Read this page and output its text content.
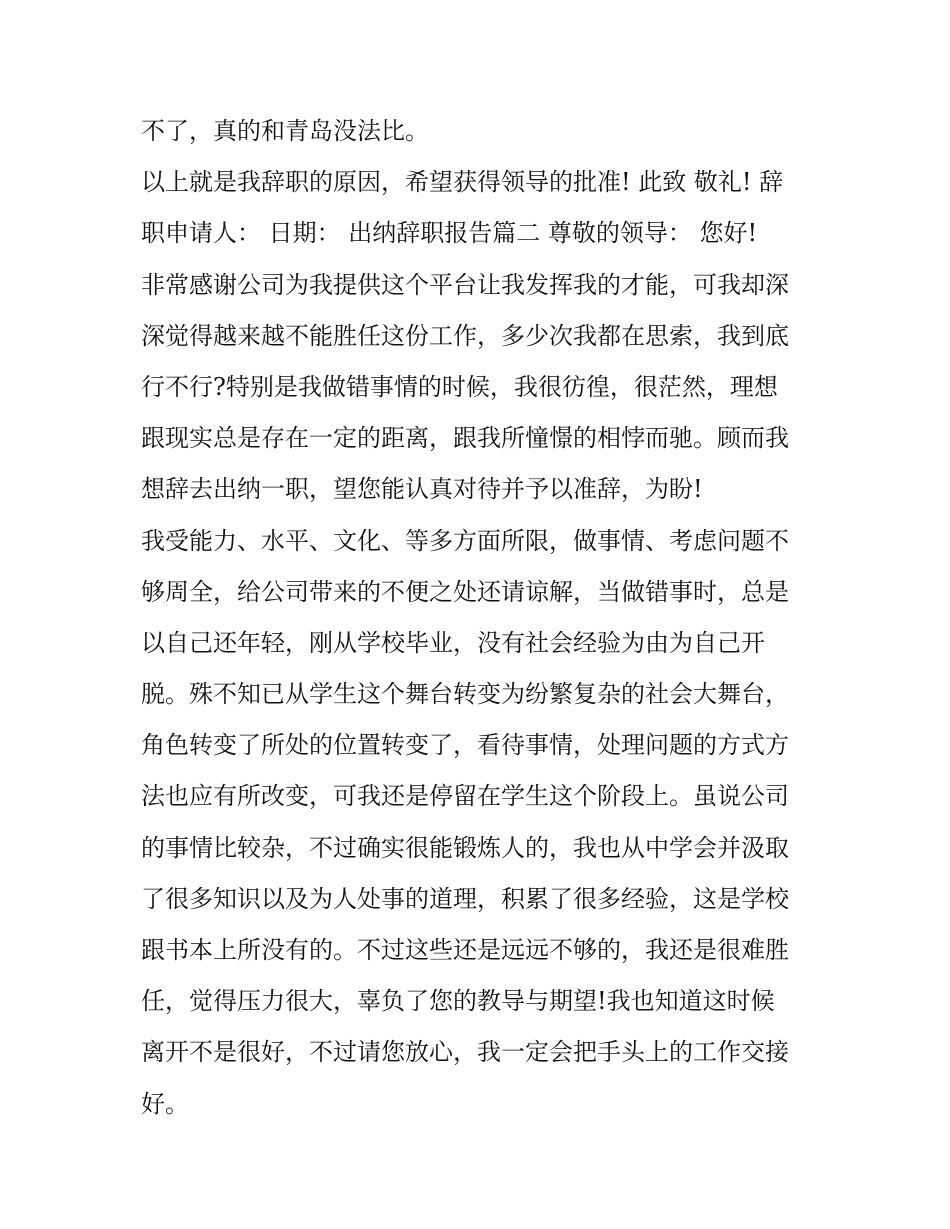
不了，真的和青岛没法比。
以上就是我辞职的原因，希望获得领导的批准! 此致 敬礼! 辞
职申请人： 日期： 出纳辞职报告篇二 尊敬的领导： 您好!
非常感谢公司为我提供这个平台让我发挥我的才能，可我却深
深觉得越来越不能胜任这份工作，多少次我都在思索，我到底
行不行?特别是我做错事情的时候，我很彷徨，很茫然，理想
跟现实总是存在一定的距离，跟我所憧憬的相悖而驰。顾而我
想辞去出纳一职，望您能认真对待并予以准辞，为盼!
我受能力、水平、文化、等多方面所限，做事情、考虑问题不
够周全，给公司带来的不便之处还请谅解，当做错事时，总是
以自己还年轻，刚从学校毕业，没有社会经验为由为自己开
脱。殊不知已从学生这个舞台转变为纷繁复杂的社会大舞台，
角色转变了所处的位置转变了，看待事情，处理问题的方式方
法也应有所改变，可我还是停留在学生这个阶段上。虽说公司
的事情比较杂，不过确实很能锻炼人的，我也从中学会并汲取
了很多知识以及为人处事的道理，积累了很多经验，这是学校
跟书本上所没有的。不过这些还是远远不够的，我还是很难胜
任，觉得压力很大，辜负了您的教导与期望!我也知道这时候
离开不是很好，不过请您放心，我一定会把手头上的工作交接
好。
